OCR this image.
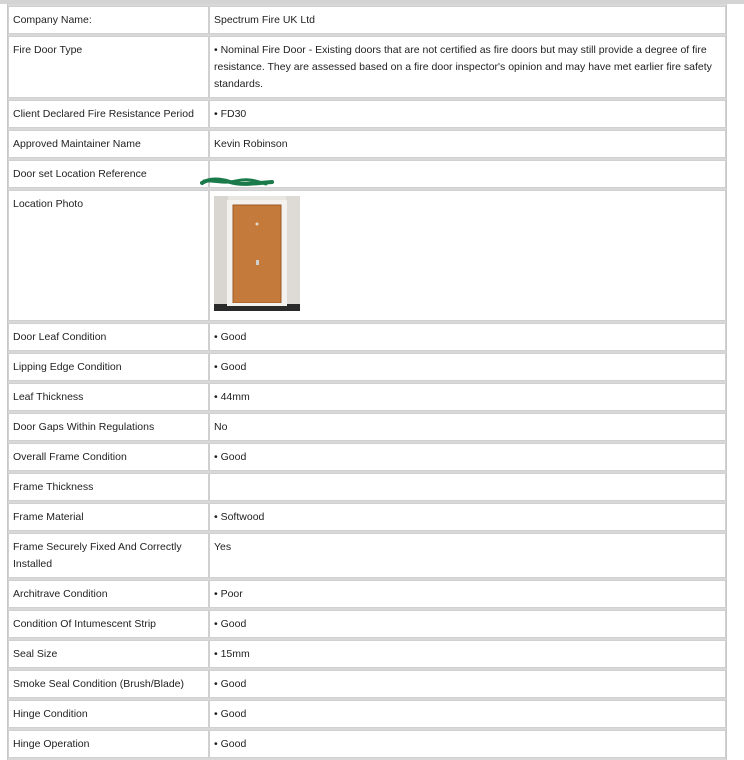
Company Name:	Spectrum Fire UK Ltd
Fire Door Type	• Nominal Fire Door - Existing doors that are not certified as fire doors but may still provide a degree of fire resistance. They are assessed based on a fire door inspector's opinion and may have met earlier fire safety standards.
Client Declared Fire Resistance Period	• FD30
Approved Maintainer Name	Kevin Robinson
Door set Location Reference	

Location Photo	

Door Leaf Condition	• Good
Lipping Edge Condition	• Good
Leaf Thickness	• 44mm
Door Gaps Within Regulations	No
Overall Frame Condition	• Good
Frame Thickness	
Frame Material	• Softwood
Frame Securely Fixed And Correctly Installed	Yes
Architrave Condition	• Poor
Condition Of Intumescent Strip	• Good
Seal Size	• 15mm
Smoke Seal Condition (Brush/Blade)	• Good
Hinge Condition	• Good
Hinge Operation	• Good
